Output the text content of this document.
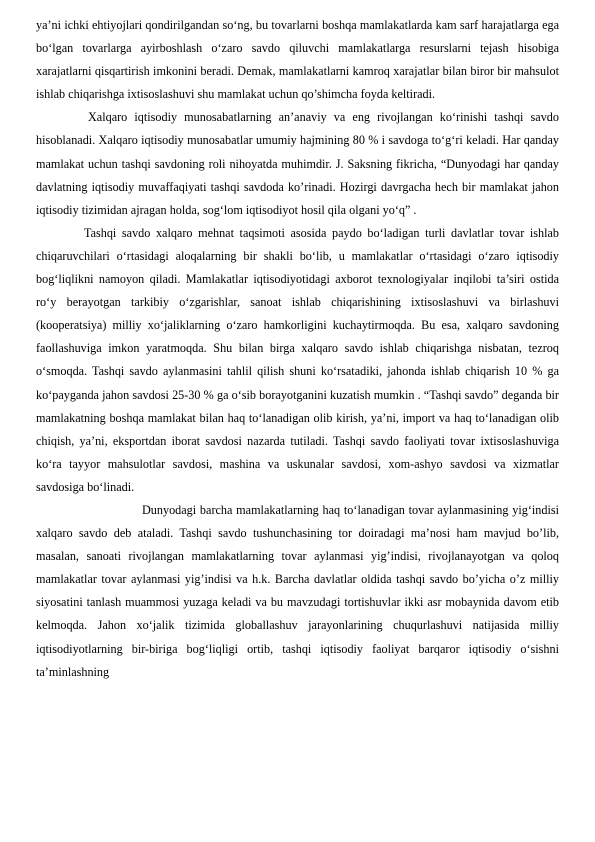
ya’ni ichki ehtiyojlari qondirilgandan so‘ng, bu tovarlarni boshqa mamlakatlarda kam sarf harajatlarga ega bo‘lgan tovarlarga ayirboshlash o‘zaro savdo qiluvchi mamlakatlarga resurslarni tejash hisobiga xarajatlarni qisqartirish imkonini beradi. Demak, mamlakatlarni kamroq xarajatlar bilan biror bir mahsulot ishlab chiqarishga ixtisoslashuvi shu mamlakat uchun qo’shimcha foyda keltiradi.

Xalqaro iqtisodiy munosabatlarning an’anaviy va eng rivojlangan ko‘rinishi tashqi savdo hisoblanadi. Xalqaro iqtisodiy munosabatlar umumiy hajmining 80 % i savdoga to‘g‘ri keladi. Har qanday mamlakat uchun tashqi savdoning roli nihoyatda muhimdir. J. Saksning fikricha, “Dunyodagi har qanday davlatning iqtisodiy muvaffaqiyati tashqi savdoda ko’rinadi. Hozirgi davrgacha hech bir mamlakat jahon iqtisodiy tizimidan ajragan holda, sog‘lom iqtisodiyot hosil qila olgani yo‘q” .

Tashqi savdo xalqaro mehnat taqsimoti asosida paydo bo‘ladigan turli davlatlar tovar ishlab chiqaruvchilari o‘rtasidagi aloqalarning bir shakli bo‘lib, u mamlakatlar o‘rtasidagi o‘zaro iqtisodiy bog‘liqlikni namoyon qiladi. Mamlakatlar iqtisodiyotidagi axborot texnologiyalar inqilobi ta’siri ostida ro‘y berayotgan tarkibiy o‘zgarishlar, sanoat ishlab chiqarishining ixtisoslashuvi va birlashuvi (kooperatsiya) milliy xo‘jaliklarning o‘zaro hamkorligini kuchaytirmoqda. Bu esa, xalqaro savdoning faollashuviga imkon yaratmoqda. Shu bilan birga xalqaro savdo ishlab chiqarishga nisbatan, tezroq o‘smoqda. Tashqi savdo aylanmasini tahlil qilish shuni ko‘rsatadiki, jahonda ishlab chiqarish 10 % ga ko‘payganda jahon savdosi 25-30 % ga o‘sib borayotganini kuzatish mumkin . “Tashqi savdo” deganda bir mamlakatning boshqa mamlakat bilan haq to‘lanadigan olib kirish, ya’ni, import va haq to‘lanadigan olib chiqish, ya’ni, eksportdan iborat savdosi nazarda tutiladi. Tashqi savdo faoliyati tovar ixtisoslashuviga ko‘ra tayyor mahsulotlar savdosi, mashina va uskunalar savdosi, xom-ashyo savdosi va xizmatlar savdosiga bo‘linadi.

Dunyodagi barcha mamlakatlarning haq to‘lanadigan tovar aylanmasining yig‘indisi xalqaro savdo deb ataladi. Tashqi savdo tushunchasining tor doiradagi ma’nosi ham mavjud bo’lib, masalan, sanoati rivojlangan mamlakatlarning tovar aylanmasi yig’indisi, rivojlanayotgan va qoloq mamlakatlar tovar aylanmasi yig’indisi va h.k. Barcha davlatlar oldida tashqi savdo bo’yicha o’z milliy siyosatini tanlash muammosi yuzaga keladi va bu mavzudagi tortishuvlar ikki asr mobaynida davom etib kelmoqda. Jahon xo‘jalik tizimida globallashuv jarayonlarining chuqurlashuvi natijasida milliy iqtisodiyotlarning bir-biriga bog‘liqligi ortib, tashqi iqtisodiy faoliyat barqaror iqtisodiy o‘sishni ta’minlashning
